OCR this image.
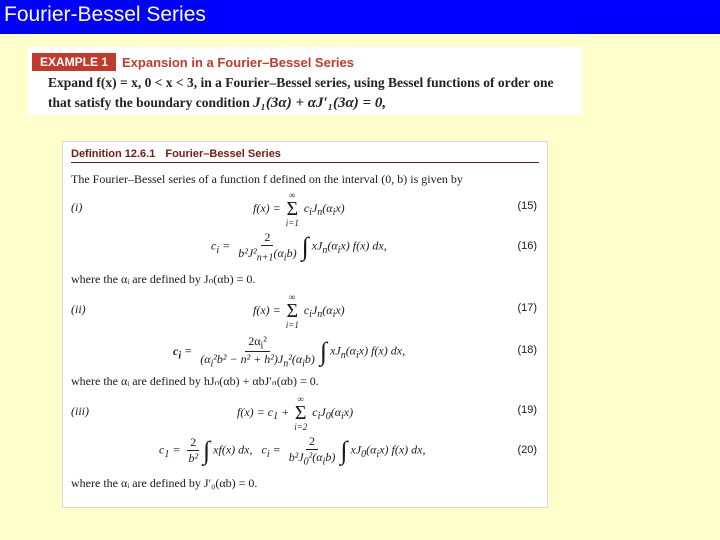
Fourier-Bessel Series
EXAMPLE 1	Expansion in a Fourier–Bessel Series
Expand f(x) = x, 0 < x < 3, in a Fourier–Bessel series, using Bessel functions of order one
that satisfy the boundary condition J₁(3α) + αJ′₁(3α) = 0,
Definition 12.6.1 Fourier–Bessel Series
The Fourier–Bessel series of a function f defined on the interval (0, b) is given by
(i)	f(x) =
∞
Σ
i=1
$c_iJ_n(\alpha_ix)$	(15)
$c_i = \frac{2}{b^2J^2_{n+1}(\alpha_ib)}$ ∫ $xJ_n(\alpha_ix)$ f(x) dx,	(16)
where the αᵢ are defined by Jₙ(αb) = 0.
(ii)	f(x) =
∞
Σ
i=1
$c_iJ_n(\alpha_ix)$	(17)
$c_i = \frac{2\alpha_i^2}{(\alpha_i^2b^2 - n^2 + h^2)J_n^2(\alpha_ib)}$ ∫ $xJ_n(\alpha_ix)$ f(x) dx,	(18)
where the αᵢ are defined by hJₙ(αb) + αbJ′ₙ(αb) = 0.
(iii)	$f(x) = c_1$ +
∞
Σ
i=2
$c_iJ_0(\alpha_ix)$	(19)
$c_1 = \frac{2}{\text{b²}}$ ∫ xf(x) dx,   $c_i = \frac{2}{b^2J_0^2(\alpha_ib)}$ ∫ $xJ_0(\alpha_ix)$ f(x) dx,	(20)
where the αᵢ are defined by J′₀(αb) = 0.
